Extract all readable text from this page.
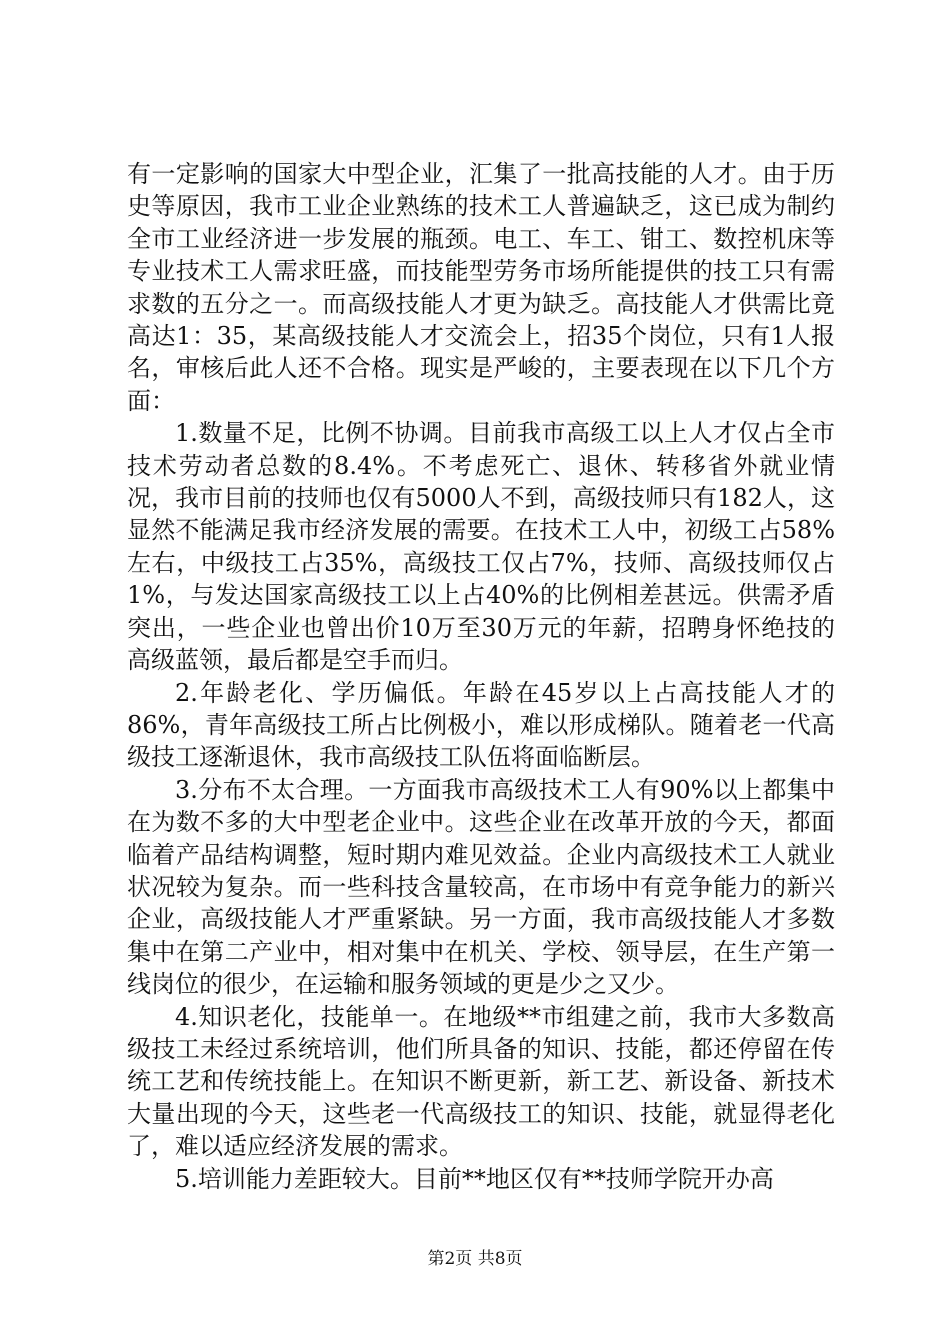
有一定影响的国家大中型企业，汇集了一批高技能的人才。由于历史等原因，我市工业企业熟练的技术工人普遍缺乏，这已成为制约全市工业经济进一步发展的瓶颈。电工、车工、钳工、数控机床等专业技术工人需求旺盛，而技能型劳务市场所能提供的技工只有需求数的五分之一。而高级技能人才更为缺乏。高技能人才供需比竟高达1：35，某高级技能人才交流会上，招35个岗位，只有1人报名，审核后此人还不合格。现实是严峻的，主要表现在以下几个方面：

1.数量不足，比例不协调。目前我市高级工以上人才仅占全市技术劳动者总数的8.4%。不考虑死亡、退休、转移省外就业情况，我市目前的技师也仅有5000人不到，高级技师只有182人，这显然不能满足我市经济发展的需要。在技术工人中，初级工占58%左右，中级技工占35%，高级技工仅占7%，技师、高级技师仅占1%，与发达国家高级技工以上占40%的比例相差甚远。供需矛盾突出，一些企业也曾出价10万至30万元的年薪，招聘身怀绝技的高级蓝领，最后都是空手而归。

2.年龄老化、学历偏低。年龄在45岁以上占高技能人才的86%，青年高级技工所占比例极小，难以形成梯队。随着老一代高级技工逐渐退休，我市高级技工队伍将面临断层。

3.分布不太合理。一方面我市高级技术工人有90%以上都集中在为数不多的大中型老企业中。这些企业在改革开放的今天，都面临着产品结构调整，短时期内难见效益。企业内高级技术工人就业状况较为复杂。而一些科技含量较高，在市场中有竞争能力的新兴企业，高级技能人才严重紧缺。另一方面，我市高级技能人才多数集中在第二产业中，相对集中在机关、学校、领导层，在生产第一线岗位的很少，在运输和服务领域的更是少之又少。

4.知识老化，技能单一。在地级**市组建之前，我市大多数高级技工未经过系统培训，他们所具备的知识、技能，都还停留在传统工艺和传统技能上。在知识不断更新，新工艺、新设备、新技术大量出现的今天，这些老一代高级技工的知识、技能，就显得老化了，难以适应经济发展的需求。

5.培训能力差距较大。目前**地区仅有**技师学院开办高

第2页 共8页
